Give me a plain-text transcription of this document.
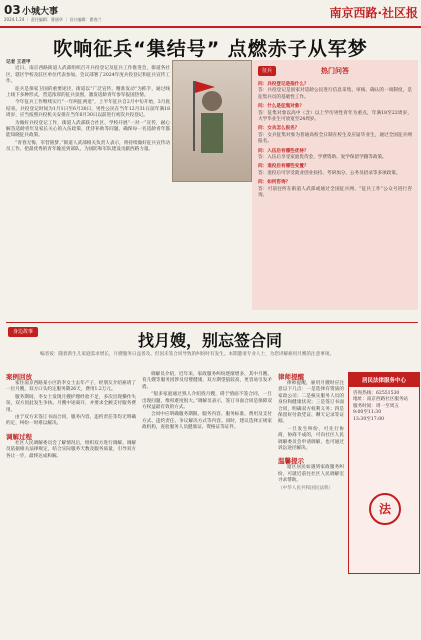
03 小城大事
2024.1.24 ｜ 责任编辑：曹丽华 ｜ 设计编辑：翟春兰	南京西路·社区报
吹响征兵“集结号” 点燃赤子从军梦
记者 王君甲

近日，南京西路街道人武部组织召开兵役登记及征兵工作推进会，街道各社区、辖区学校及驻区单位代表参加。会议部署了2024年度兵役登记和征兵宣传工作。

征兵是保家卫国的重要途径，街道以“广泛宣传、精准发动”为抓手，通过线上线下多种形式，营造浓厚的征兵氛围，激发适龄青年参军报国热情。

今年征兵工作继续实行“一年两征两退”，上半年征兵自2月中旬开始，3月底结束。兵役登记时间为1月1日至6月30日，男性公民在当年12月31日前年满18周岁，应当按照兵役机关安排在当年6月30日以前进行初次兵役登记。

为做好兵役登记工作，街道人武部联合社区、学校开展“一对一”宣传，耐心解答适龄青年及家长关心的入伍政策、优待补助等问题，确保每一名适龄青年都能知晓征兵政策。

“青春无悔，军营圆梦。”街道人武部相关负责人表示，将持续做好征兵宣传动员工作，把最优秀的青年输送到部队，为国防和军队建设贡献西路力量。

征兵	热门问答
问：兵役登记是指什么？
答：兵役登记是国家对适龄公民进行信息采集、审核、确认的一项制度，是征集兵员的基础性工作。
问：什么是征集对象？
答：征集对象以高中（含）以上学历男性青年为重点，年满18至22周岁，大学毕业生可放宽至24周岁。
问：女兵怎么报名？
答：女兵征集对象为普通高校全日制在校生及应届毕业生，通过全国征兵网报名。
问：入伍后有哪些优待？
答：入伍后享受家庭优待金、学费资助、复学保留学籍等政策。
问：退役后有哪些安置？
答：退役后可享受就业创业扶持、考研加分、公务员招录等多项政策。
问：如何咨询？
答：可前往所在街道人武部或通过全国征兵网、“征兵工作”公众号进行咨询。
身边故事	找月嫂，别忘签合同
编者按：随着新生儿家庭需求增长，月嫂服务日益普及。但因未签合同导致的纠纷时有发生。本期邀请专业人士，为您讲解雇用月嫂的注意事项。
案例回放

家住南京西路某小区的李女士去年产子，经朋友介绍雇请了一位月嫂，双方口头约定服务期26天，费用1.2万元。

服务期间，李女士发现月嫂护理经验不足，多次出现操作失误，双方因此发生争执。月嫂中途离开，并要求全额支付服务费用。

由于双方未签订书面合同，服务内容、违约责任等均无明确约定，纠纷一时难以解决。

调解过程

社区人民调解委员会了解情况后，组织双方进行调解。调解员依据相关法律规定，结合实际服务天数及服务质量，引导双方各让一步，最终达成和解。

调解员介绍，近年来，家政服务纠纷逐渐增多，其中月嫂、育儿嫂等服务因涉及母婴健康，双方期望值较高，更容易引发矛盾。

“很多家庭通过熟人介绍找月嫂，碍于情面不签合同，一旦出现问题，维权难度很大。”调解员表示，签订书面合同是保障双方权益最有效的方式。

合同中应明确服务期限、服务内容、服务标准、费用及支付方式、违约责任、争议解决方式等内容。同时，建议选择正规家政机构，查验服务人员健康证、资格证等证件。

律师提醒

律师提醒，雇用月嫂时应注意以下几点：一是选择有资质的家政公司；二是核实服务人员的身份和健康状况；三是签订书面合同，明确双方权利义务；四是保留好付款凭证、聊天记录等证据。

一旦发生纠纷，可先行协商，协商不成的，可向社区人民调解委员会申请调解，也可通过诉讼途径解决。

温馨提示

辖区居民如遇到家政服务纠纷，可就近前往社区人民调解室寻求帮助。

（中华人民共和国民法典）
居民法律服务中心
咨询热线：62551530
地址：南京西路社区服务站
服务时间：周一至周五
9:00至11:30
13:30至17:00
法
